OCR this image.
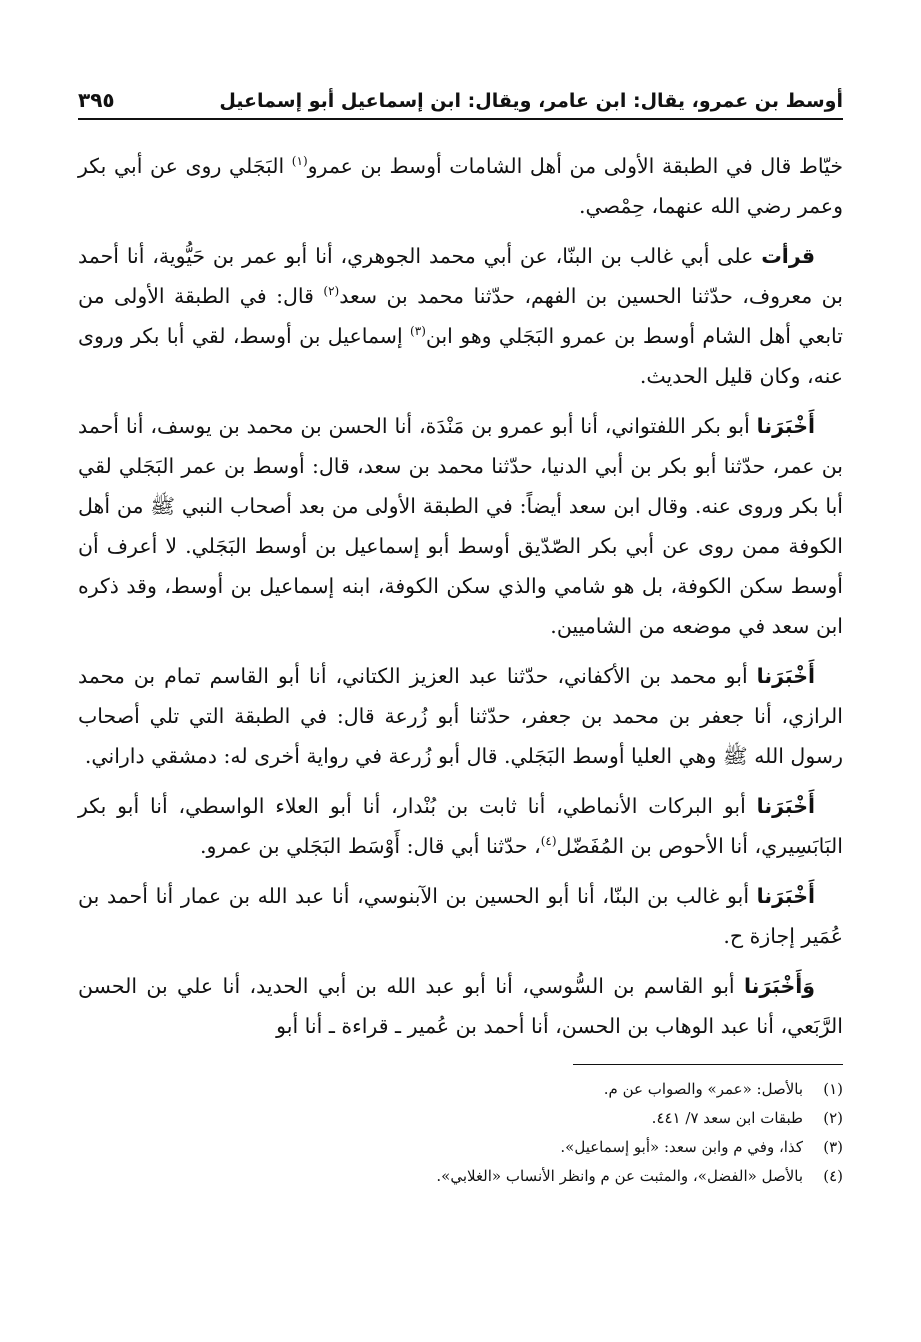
أوسط بن عمرو، يقال: ابن عامر، ويقال: ابن إسماعيل أبو إسماعيل
٣٩٥

خيّاط قال في الطبقة الأولى من أهل الشامات أوسط بن عمرو$^{(١)}$ البَجَلي روى عن أبي بكر وعمر رضي الله عنهما، حِمْصي.

قرأت على أبي غالب بن البنّا، عن أبي محمد الجوهري، أنا أبو عمر بن حَيُّوية، أنا أحمد بن معروف، حدّثنا الحسين بن الفهم، حدّثنا محمد بن سعد$^{(٢)}$ قال: في الطبقة الأولى من تابعي أهل الشام أوسط بن عمرو البَجَلي وهو ابن$^{(٣)}$ إسماعيل بن أوسط، لقي أبا بكر وروى عنه، وكان قليل الحديث.

أَخْبَرَنا أبو بكر اللفتواني، أنا أبو عمرو بن مَنْدَة، أنا الحسن بن محمد بن يوسف، أنا أحمد بن عمر، حدّثنا أبو بكر بن أبي الدنيا، حدّثنا محمد بن سعد، قال: أوسط بن عمر البَجَلي لقي أبا بكر وروى عنه. وقال ابن سعد أيضاً: في الطبقة الأولى من بعد أصحاب النبي ﷺ من أهل الكوفة ممن روى عن أبي بكر الصّدّيق أوسط أبو إسماعيل بن أوسط البَجَلي. لا أعرف أن أوسط سكن الكوفة، بل هو شامي والذي سكن الكوفة، ابنه إسماعيل بن أوسط، وقد ذكره ابن سعد في موضعه من الشاميين.

أَخْبَرَنا أبو محمد بن الأكفاني، حدّثنا عبد العزيز الكتاني، أنا أبو القاسم تمام بن محمد الرازي، أنا جعفر بن محمد بن جعفر، حدّثنا أبو زُرعة قال: في الطبقة التي تلي أصحاب رسول الله ﷺ وهي العليا أوسط البَجَلي. قال أبو زُرعة في رواية أخرى له: دمشقي داراني.

أَخْبَرَنا أبو البركات الأنماطي، أنا ثابت بن بُنْدار، أنا أبو العلاء الواسطي، أنا أبو بكر البَابَسِيري، أنا الأحوص بن المُفَضّل$^{(٤)}$، حدّثنا أبي قال: أَوْسَط البَجَلي بن عمرو.

أَخْبَرَنا أبو غالب بن البنّا، أنا أبو الحسين بن الآبنوسي، أنا عبد الله بن عمار أنا أحمد بن عُمَير إجازة ح.

وَأَخْبَرَنا أبو القاسم بن السُّوسي، أنا أبو عبد الله بن أبي الحديد، أنا علي بن الحسن الرَّبَعي، أنا عبد الوهاب بن الحسن، أنا أحمد بن عُمير ـ قراءة ـ أنا أبو

(١)
بالأصل: «عمر» والصواب عن م.
(٢)
طبقات ابن سعد ٧/ ٤٤١.
(٣)
كذا، وفي م وابن سعد: «أبو إسماعيل».
(٤)
بالأصل «الفضل»، والمثبت عن م وانظر الأنساب «الغلابي».
